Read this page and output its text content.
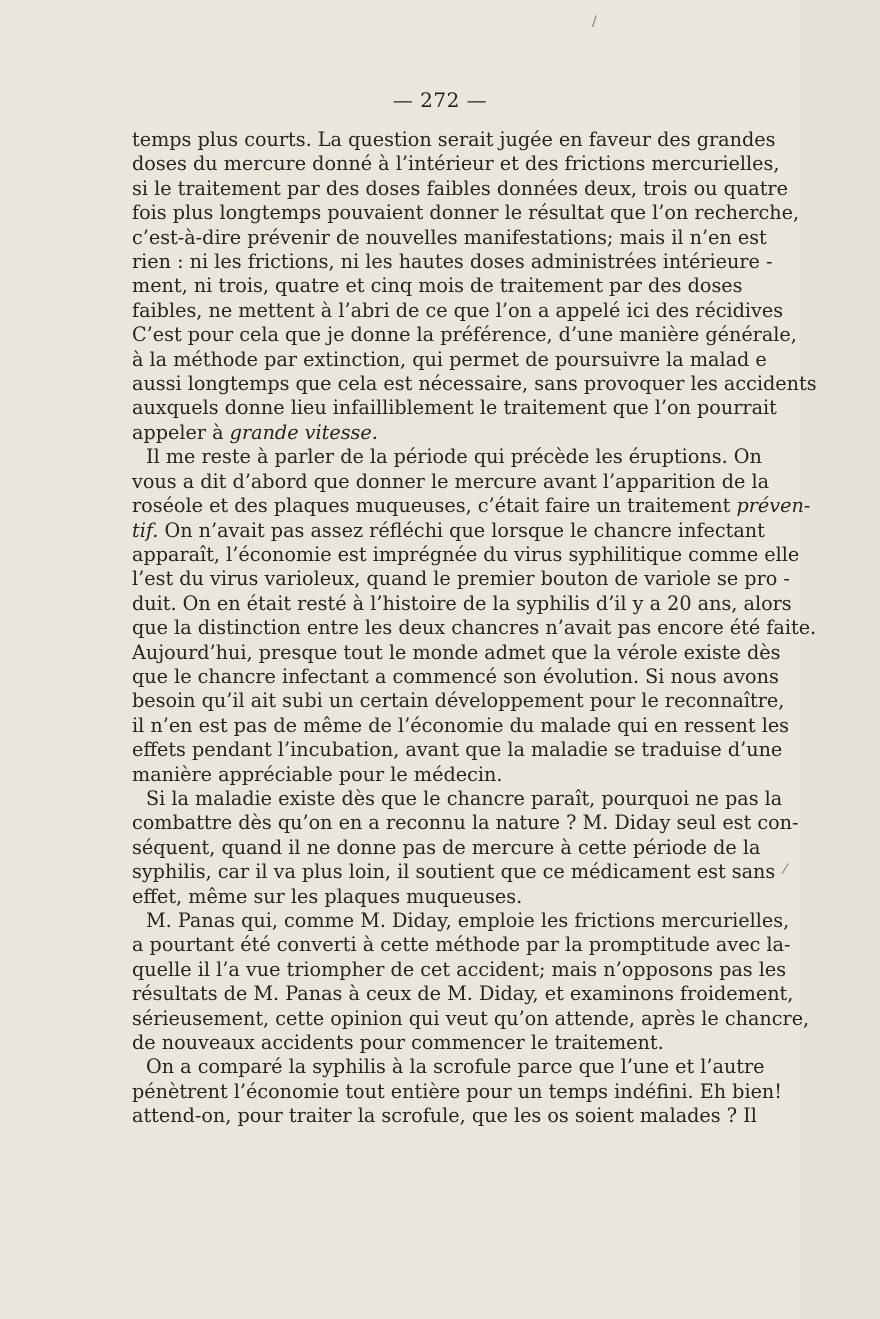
— 272 —

temps plus courts. La question serait jugée en faveur des grandes
doses du mercure donné à l’intérieur et des frictions mercurielles,
si le traitement par des doses faibles données deux, trois ou quatre
fois plus longtemps pouvaient donner le résultat que l’on recherche,
c’est-à-dire prévenir de nouvelles manifestations; mais il n’en est
rien : ni les frictions, ni les hautes doses administrées intérieure -
ment, ni trois, quatre et cinq mois de traitement par des doses
faibles, ne mettent à l’abri de ce que l’on a appelé ici des récidives
C’est pour cela que je donne la préférence, d’une manière générale,
à la méthode par extinction, qui permet de poursuivre la malad e
aussi longtemps que cela est nécessaire, sans provoquer les accidents
auxquels donne lieu infailliblement le traitement que l’on pourrait
appeler à grande vitesse.

Il me reste à parler de la période qui précède les éruptions. On
vous a dit d’abord que donner le mercure avant l’apparition de la
roséole et des plaques muqueuses, c’était faire un traitement préven-
tif. On n’avait pas assez réfléchi que lorsque le chancre infectant
apparaît, l’économie est imprégnée du virus syphilitique comme elle
l’est du virus varioleux, quand le premier bouton de variole se pro -
duit. On en était resté à l’histoire de la syphilis d’il y a 20 ans, alors
que la distinction entre les deux chancres n’avait pas encore été faite.
Aujourd’hui, presque tout le monde admet que la vérole existe dès
que le chancre infectant a commencé son évolution. Si nous avons
besoin qu’il ait subi un certain développement pour le reconnaître,
il n’en est pas de même de l’économie du malade qui en ressent les
effets pendant l’incubation, avant que la maladie se traduise d’une
manière appréciable pour le médecin.

Si la maladie existe dès que le chancre paraît, pourquoi ne pas la
combattre dès qu’on en a reconnu la nature ? M. Diday seul est con-
séquent, quand il ne donne pas de mercure à cette période de la
syphilis, car il va plus loin, il soutient que ce médicament est sans
effet, même sur les plaques muqueuses.

M. Panas qui, comme M. Diday, emploie les frictions mercurielles,
a pourtant été converti à cette méthode par la promptitude avec la-
quelle il l’a vue triompher de cet accident; mais n’opposons pas les
résultats de M. Panas à ceux de M. Diday, et examinons froidement,
sérieusement, cette opinion qui veut qu’on attende, après le chancre,
de nouveaux accidents pour commencer le traitement.

On a comparé la syphilis à la scrofule parce que l’une et l’autre
pénètrent l’économie tout entière pour un temps indéfini. Eh bien!
attend-on, pour traiter la scrofule, que les os soient malades ? Il

/
⁄
